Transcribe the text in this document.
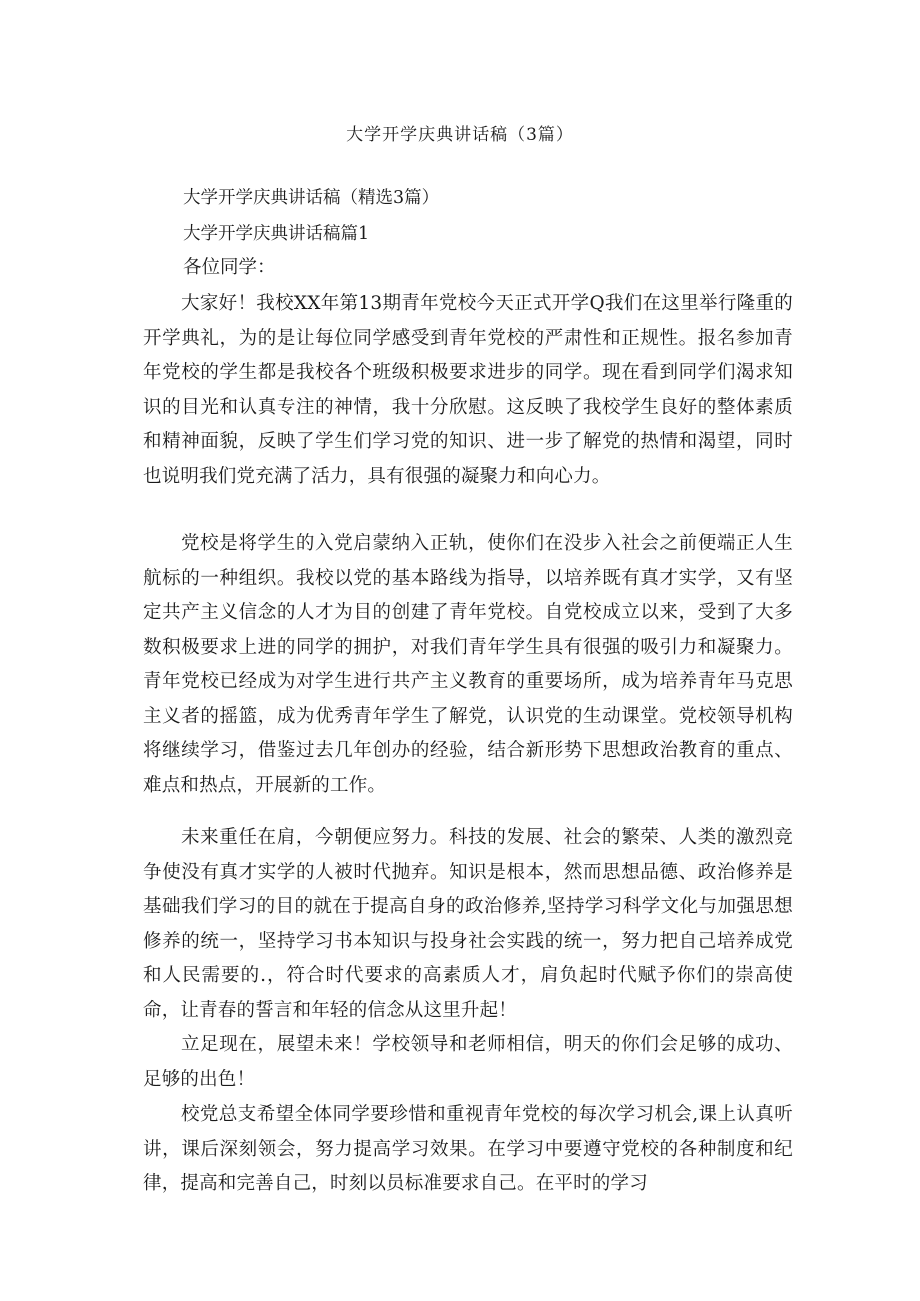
大学开学庆典讲话稿（3篇）

大学开学庆典讲话稿（精选3篇）

大学开学庆典讲话稿篇1

各位同学：

大家好！我校XX年第13期青年党校今天正式开学Q我们在这里举行隆重的开学典礼，为的是让每位同学感受到青年党校的严肃性和正规性。报名参加青年党校的学生都是我校各个班级积极要求进步的同学。现在看到同学们渴求知识的目光和认真专注的神情，我十分欣慰。这反映了我校学生良好的整体素质和精神面貌，反映了学生们学习党的知识、进一步了解党的热情和渴望，同时也说明我们党充满了活力，具有很强的凝聚力和向心力。

党校是将学生的入党启蒙纳入正轨，使你们在没步入社会之前便端正人生航标的一种组织。我校以党的基本路线为指导，以培养既有真才实学，又有坚定共产主义信念的人才为目的创建了青年党校。自党校成立以来，受到了大多数积极要求上进的同学的拥护，对我们青年学生具有很强的吸引力和凝聚力。青年党校已经成为对学生进行共产主义教育的重要场所，成为培养青年马克思主义者的摇篮，成为优秀青年学生了解党，认识党的生动课堂。党校领导机构将继续学习，借鉴过去几年创办的经验，结合新形势下思想政治教育的重点、难点和热点，开展新的工作。

未来重任在肩，今朝便应努力。科技的发展、社会的繁荣、人类的激烈竞争使没有真才实学的人被时代抛弃。知识是根本，然而思想品德、政治修养是基础我们学习的目的就在于提高自身的政治修养,坚持学习科学文化与加强思想修养的统一，坚持学习书本知识与投身社会实践的统一，努力把自己培养成党和人民需要的.，符合时代要求的高素质人才，肩负起时代赋予你们的崇高使命，让青春的誓言和年轻的信念从这里升起！

立足现在，展望未来！学校领导和老师相信，明天的你们会足够的成功、足够的出色！

校党总支希望全体同学要珍惜和重视青年党校的每次学习机会,课上认真听讲，课后深刻领会，努力提高学习效果。在学习中要遵守党校的各种制度和纪律，提高和完善自己，时刻以员标准要求自己。在平时的学习
